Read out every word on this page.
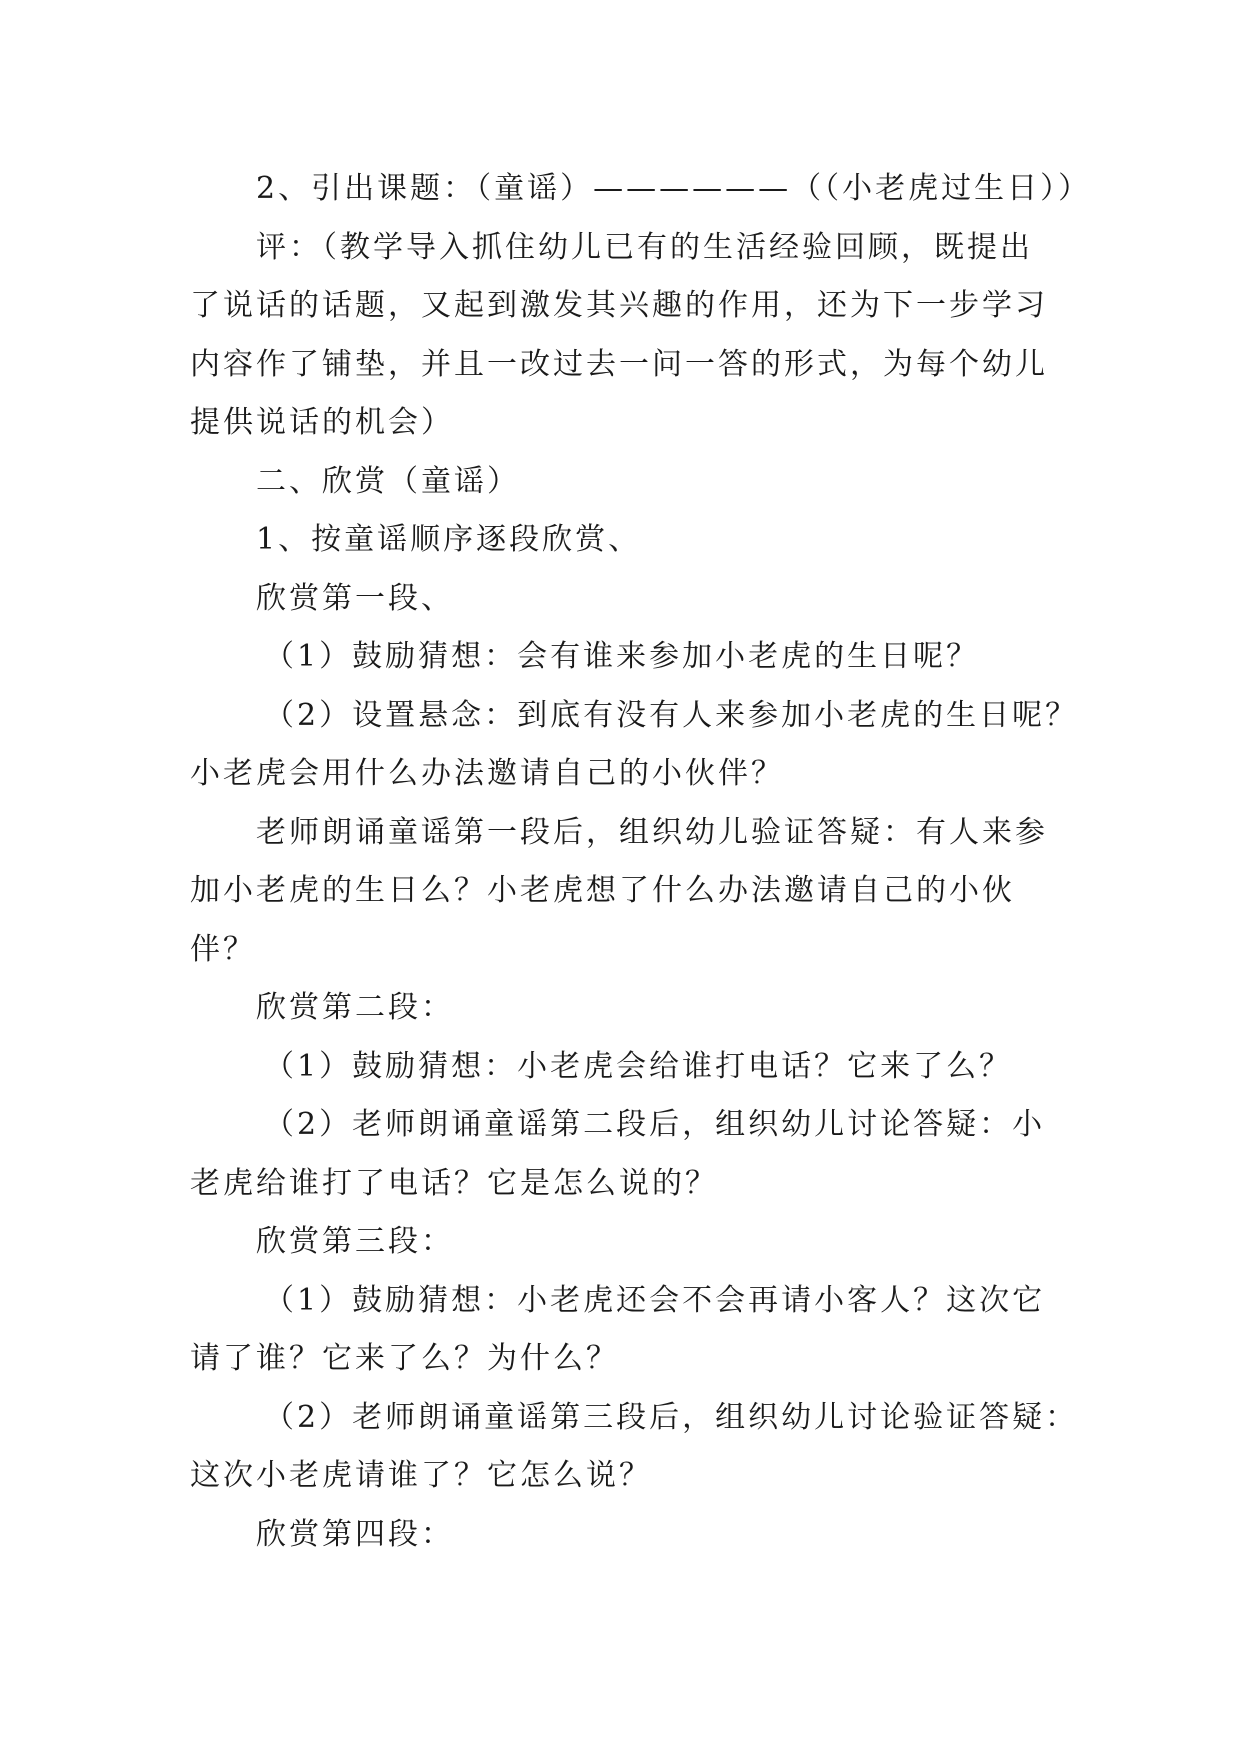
2、引出课题：（童谣）——————（（小老虎过生日））

评：（教学导入抓住幼儿已有的生活经验回顾，既提出

了说话的话题，又起到激发其兴趣的作用，还为下一步学习

内容作了铺垫，并且一改过去一问一答的形式，为每个幼儿

提供说话的机会）

二、欣赏（童谣）

1、按童谣顺序逐段欣赏、

欣赏第一段、

（1）鼓励猜想：会有谁来参加小老虎的生日呢？

（2）设置悬念：到底有没有人来参加小老虎的生日呢？

小老虎会用什么办法邀请自己的小伙伴？

老师朗诵童谣第一段后，组织幼儿验证答疑：有人来参

加小老虎的生日么？小老虎想了什么办法邀请自己的小伙

伴？

欣赏第二段：

（1）鼓励猜想：小老虎会给谁打电话？它来了么？

（2）老师朗诵童谣第二段后，组织幼儿讨论答疑：小

老虎给谁打了电话？它是怎么说的？

欣赏第三段：

（1）鼓励猜想：小老虎还会不会再请小客人？这次它

请了谁？它来了么？为什么？

（2）老师朗诵童谣第三段后，组织幼儿讨论验证答疑：

这次小老虎请谁了？它怎么说？

欣赏第四段：
